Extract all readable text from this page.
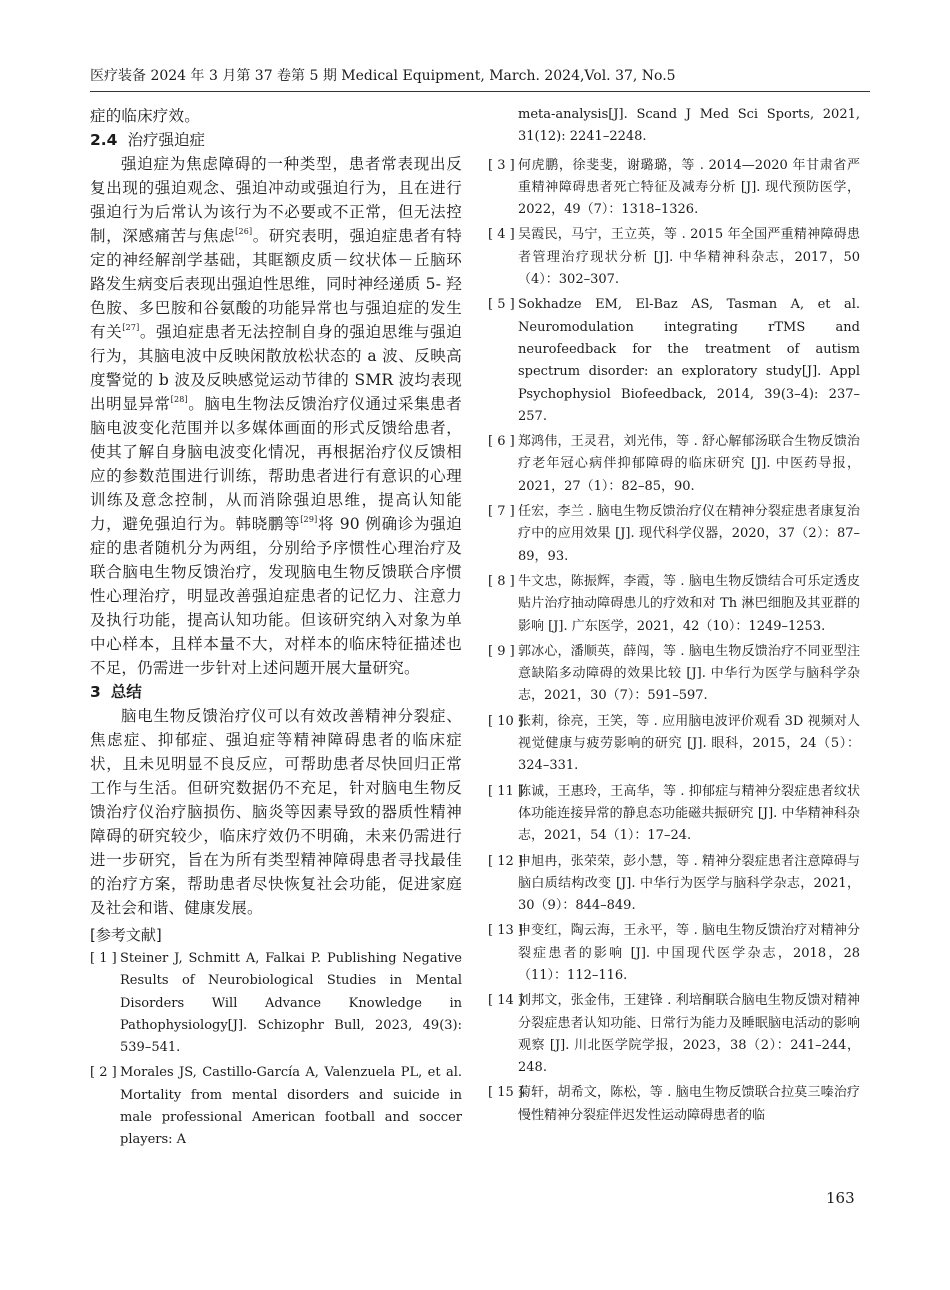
医疗装备 2024 年 3 月第 37 卷第 5 期 Medical Equipment, March. 2024,Vol. 37, No.5

症的临床疗效。

2.4 治疗强迫症

强迫症为焦虑障碍的一种类型，患者常表现出反复出现的强迫观念、强迫冲动或强迫行为，且在进行强迫行为后常认为该行为不必要或不正常，但无法控制，深感痛苦与焦虑[26]。研究表明，强迫症患者有特定的神经解剖学基础，其眶额皮质－纹状体－丘脑环路发生病变后表现出强迫性思维，同时神经递质 5- 羟色胺、多巴胺和谷氨酸的功能异常也与强迫症的发生有关[27]。强迫症患者无法控制自身的强迫思维与强迫行为，其脑电波中反映闲散放松状态的 a 波、反映高度警觉的 b 波及反映感觉运动节律的 SMR 波均表现出明显异常[28]。脑电生物法反馈治疗仪通过采集患者脑电波变化范围并以多媒体画面的形式反馈给患者，使其了解自身脑电波变化情况，再根据治疗仪反馈相应的参数范围进行训练，帮助患者进行有意识的心理训练及意念控制，从而消除强迫思维，提高认知能力，避免强迫行为。韩晓鹏等[29]将 90 例确诊为强迫症的患者随机分为两组，分别给予序惯性心理治疗及联合脑电生物反馈治疗，发现脑电生物反馈联合序惯性心理治疗，明显改善强迫症患者的记忆力、注意力及执行功能，提高认知功能。但该研究纳入对象为单中心样本，且样本量不大，对样本的临床特征描述也不足，仍需进一步针对上述问题开展大量研究。

3 总结

脑电生物反馈治疗仪可以有效改善精神分裂症、焦虑症、抑郁症、强迫症等精神障碍患者的临床症状，且未见明显不良反应，可帮助患者尽快回归正常工作与生活。但研究数据仍不充足，针对脑电生物反馈治疗仪治疗脑损伤、脑炎等因素导致的器质性精神障碍的研究较少，临床疗效仍不明确，未来仍需进行进一步研究，旨在为所有类型精神障碍患者寻找最佳的治疗方案，帮助患者尽快恢复社会功能，促进家庭及社会和谐、健康发展。

[参考文献]

[ 1 ] Steiner J, Schmitt A, Falkai P. Publishing Negative Results of Neurobiological Studies in Mental Disorders Will Advance Knowledge in Pathophysiology[J]. Schizophr Bull, 2023, 49(3): 539–541.
[ 2 ] Morales JS, Castillo-García A, Valenzuela PL, et al. Mortality from mental disorders and suicide in male professional American football and soccer players: A

meta-analysis[J]. Scand J Med Sci Sports, 2021, 31(12): 2241–2248.

[ 3 ] 何虎鹏，徐斐斐，谢璐璐，等 . 2014—2020 年甘肃省严重精神障碍患者死亡特征及减寿分析 [J]. 现代预防医学，2022，49（7）：1318–1326.
[ 4 ] 吴霞民，马宁，王立英，等 . 2015 年全国严重精神障碍患者管理治疗现状分析 [J]. 中华精神科杂志，2017，50（4）：302–307.
[ 5 ] Sokhadze EM, El-Baz AS, Tasman A, et al. Neuromodulation integrating rTMS and neurofeedback for the treatment of autism spectrum disorder: an exploratory study[J]. Appl Psychophysiol Biofeedback, 2014, 39(3–4): 237–257.
[ 6 ] 郑鸿伟，王灵君，刘光伟，等 . 舒心解郁汤联合生物反馈治疗老年冠心病伴抑郁障碍的临床研究 [J]. 中医药导报，2021，27（1）：82–85，90.
[ 7 ] 任宏，李兰 . 脑电生物反馈治疗仪在精神分裂症患者康复治疗中的应用效果 [J]. 现代科学仪器，2020，37（2）：87–89，93.
[ 8 ] 牛文忠，陈振辉，李霞，等 . 脑电生物反馈结合可乐定透皮贴片治疗抽动障碍患儿的疗效和对 Th 淋巴细胞及其亚群的影响 [J]. 广东医学，2021，42（10）：1249–1253.
[ 9 ] 郭冰心，潘顺英，薛闯，等 . 脑电生物反馈治疗不同亚型注意缺陷多动障碍的效果比较 [J]. 中华行为医学与脑科学杂志，2021，30（7）：591–597.
[ 10 ]
张莉，徐亮，王笑，等 . 应用脑电波评价观看 3D 视频对人视觉健康与疲劳影响的研究 [J]. 眼科，2015，24（5）：324–331.
[ 11 ]
陈诚，王惠玲，王高华，等 . 抑郁症与精神分裂症患者纹状体功能连接异常的静息态功能磁共振研究 [J]. 中华精神科杂志，2021，54（1）：17–24.
[ 12 ]
申旭冉，张荣荣，彭小慧，等 . 精神分裂症患者注意障碍与脑白质结构改变 [J]. 中华行为医学与脑科学杂志，2021，30（9）：844–849.
[ 13 ]
申变红，陶云海，王永平，等 . 脑电生物反馈治疗对精神分裂症患者的影响 [J]. 中国现代医学杂志，2018，28（11）：112–116.
[ 14 ]
刘邦文，张金伟，王建锋 . 利培酮联合脑电生物反馈对精神分裂症患者认知功能、日常行为能力及睡眠脑电活动的影响观察 [J]. 川北医学院学报，2023，38（2）：241–244，248.
[ 15 ]
菊轩，胡希文，陈松，等 . 脑电生物反馈联合拉莫三嗪治疗慢性精神分裂症伴迟发性运动障碍患者的临
163
